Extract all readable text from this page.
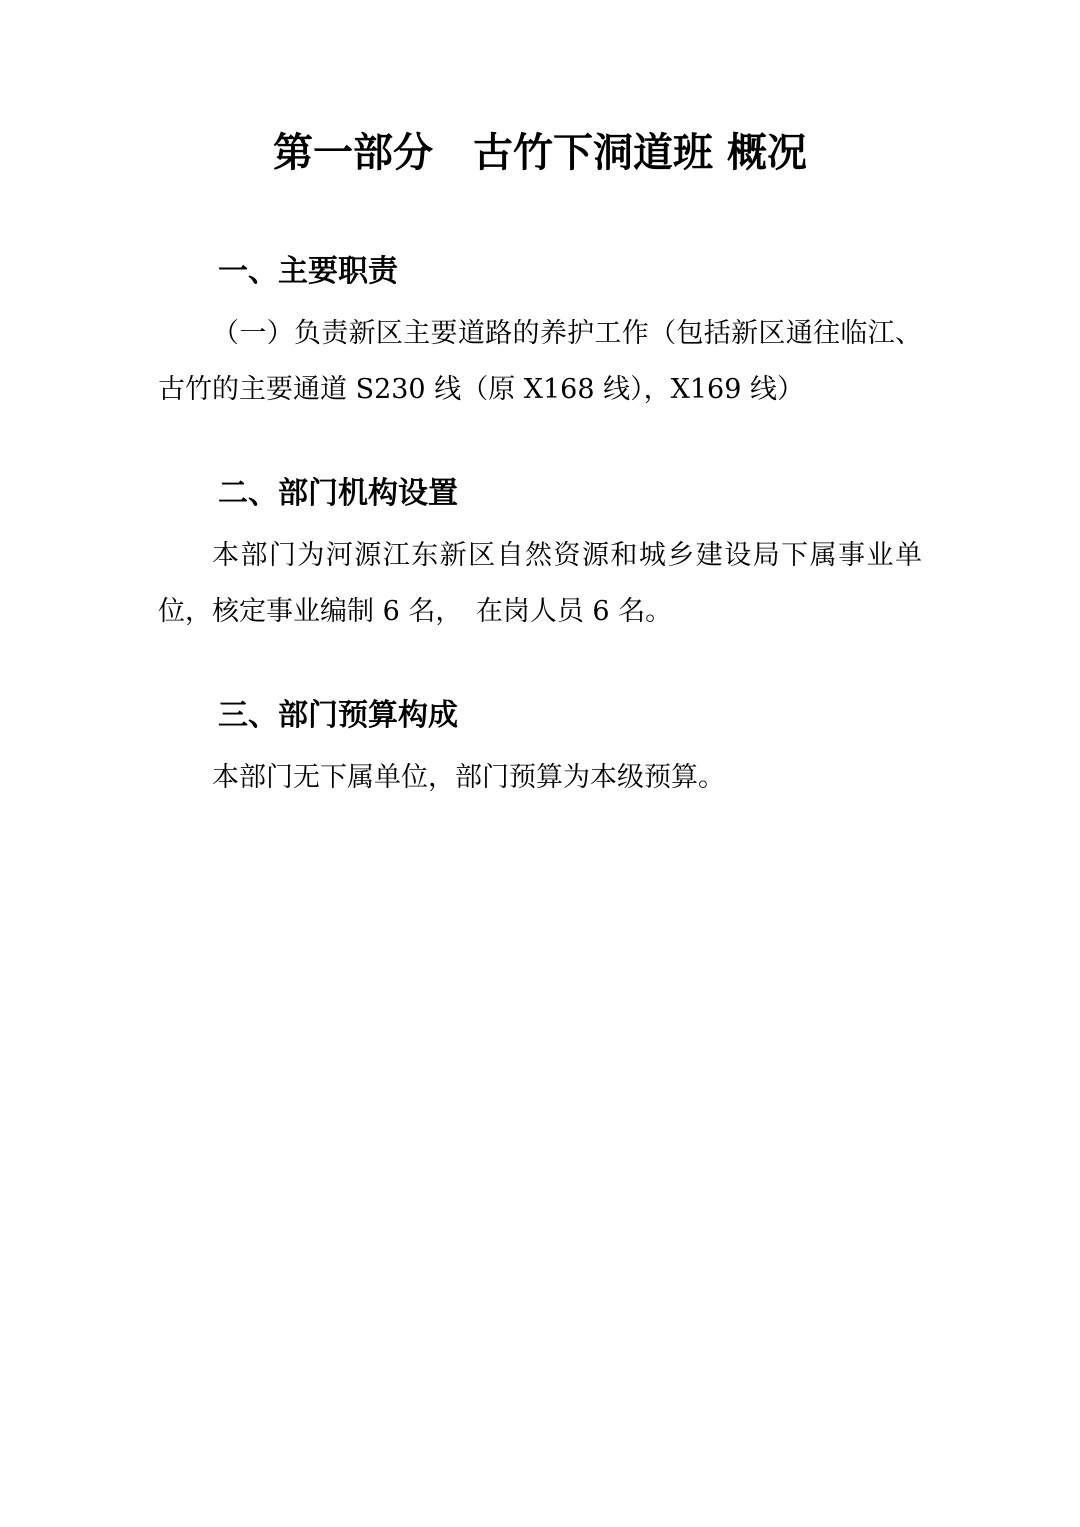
第一部分　古竹下洞道班 概况
一、主要职责

（一）负责新区主要道路的养护工作（包括新区通往临江、

古竹的主要通道 S230 线（原 X168 线），X169 线）

二、部门机构设置

本部门为河源江东新区自然资源和城乡建设局下属事业单

位，核定事业编制 6 名，　在岗人员 6 名。

三、部门预算构成

本部门无下属单位，部门预算为本级预算。
